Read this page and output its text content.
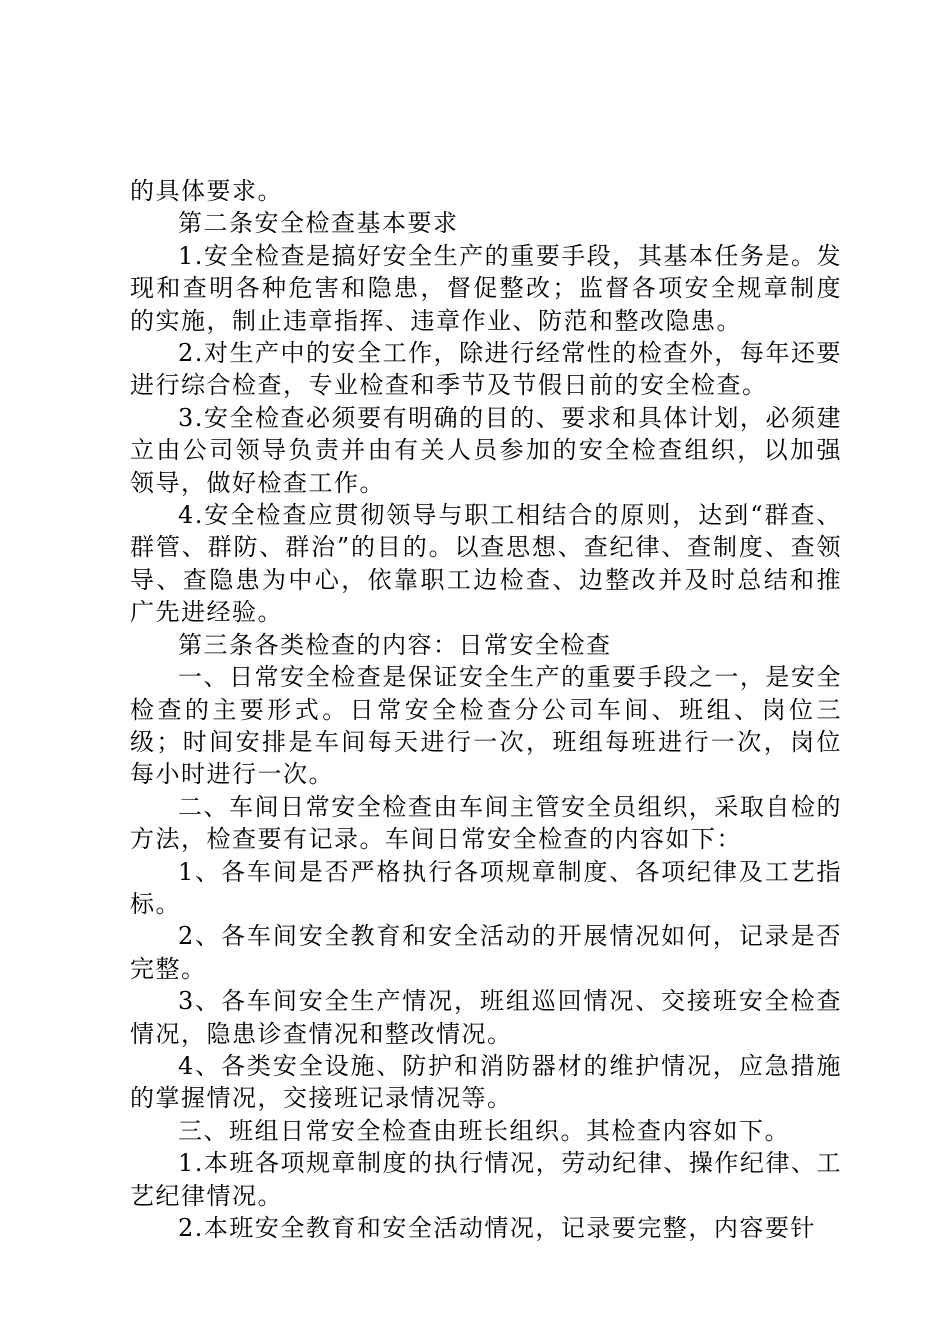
的具体要求。

第二条安全检查基本要求

1.安全检查是搞好安全生产的重要手段，其基本任务是。发现和查明各种危害和隐患，督促整改；监督各项安全规章制度的实施，制止违章指挥、违章作业、防范和整改隐患。

2.对生产中的安全工作，除进行经常性的检查外，每年还要进行综合检查，专业检查和季节及节假日前的安全检查。

3.安全检查必须要有明确的目的、要求和具体计划，必须建立由公司领导负责并由有关人员参加的安全检查组织，以加强领导，做好检查工作。

4.安全检查应贯彻领导与职工相结合的原则，达到“群查、群管、群防、群治”的目的。以查思想、查纪律、查制度、查领导、查隐患为中心，依靠职工边检查、边整改并及时总结和推广先进经验。

第三条各类检查的内容：日常安全检查

一、日常安全检查是保证安全生产的重要手段之一，是安全检查的主要形式。日常安全检查分公司车间、班组、岗位三级；时间安排是车间每天进行一次，班组每班进行一次，岗位每小时进行一次。

二、车间日常安全检查由车间主管安全员组织，采取自检的方法，检查要有记录。车间日常安全检查的内容如下：

1、各车间是否严格执行各项规章制度、各项纪律及工艺指标。

2、各车间安全教育和安全活动的开展情况如何，记录是否完整。

3、各车间安全生产情况，班组巡回情况、交接班安全检查情况，隐患诊查情况和整改情况。

4、各类安全设施、防护和消防器材的维护情况，应急措施的掌握情况，交接班记录情况等。

三、班组日常安全检查由班长组织。其检查内容如下。

1.本班各项规章制度的执行情况，劳动纪律、操作纪律、工艺纪律情况。

2.本班安全教育和安全活动情况，记录要完整，内容要针
